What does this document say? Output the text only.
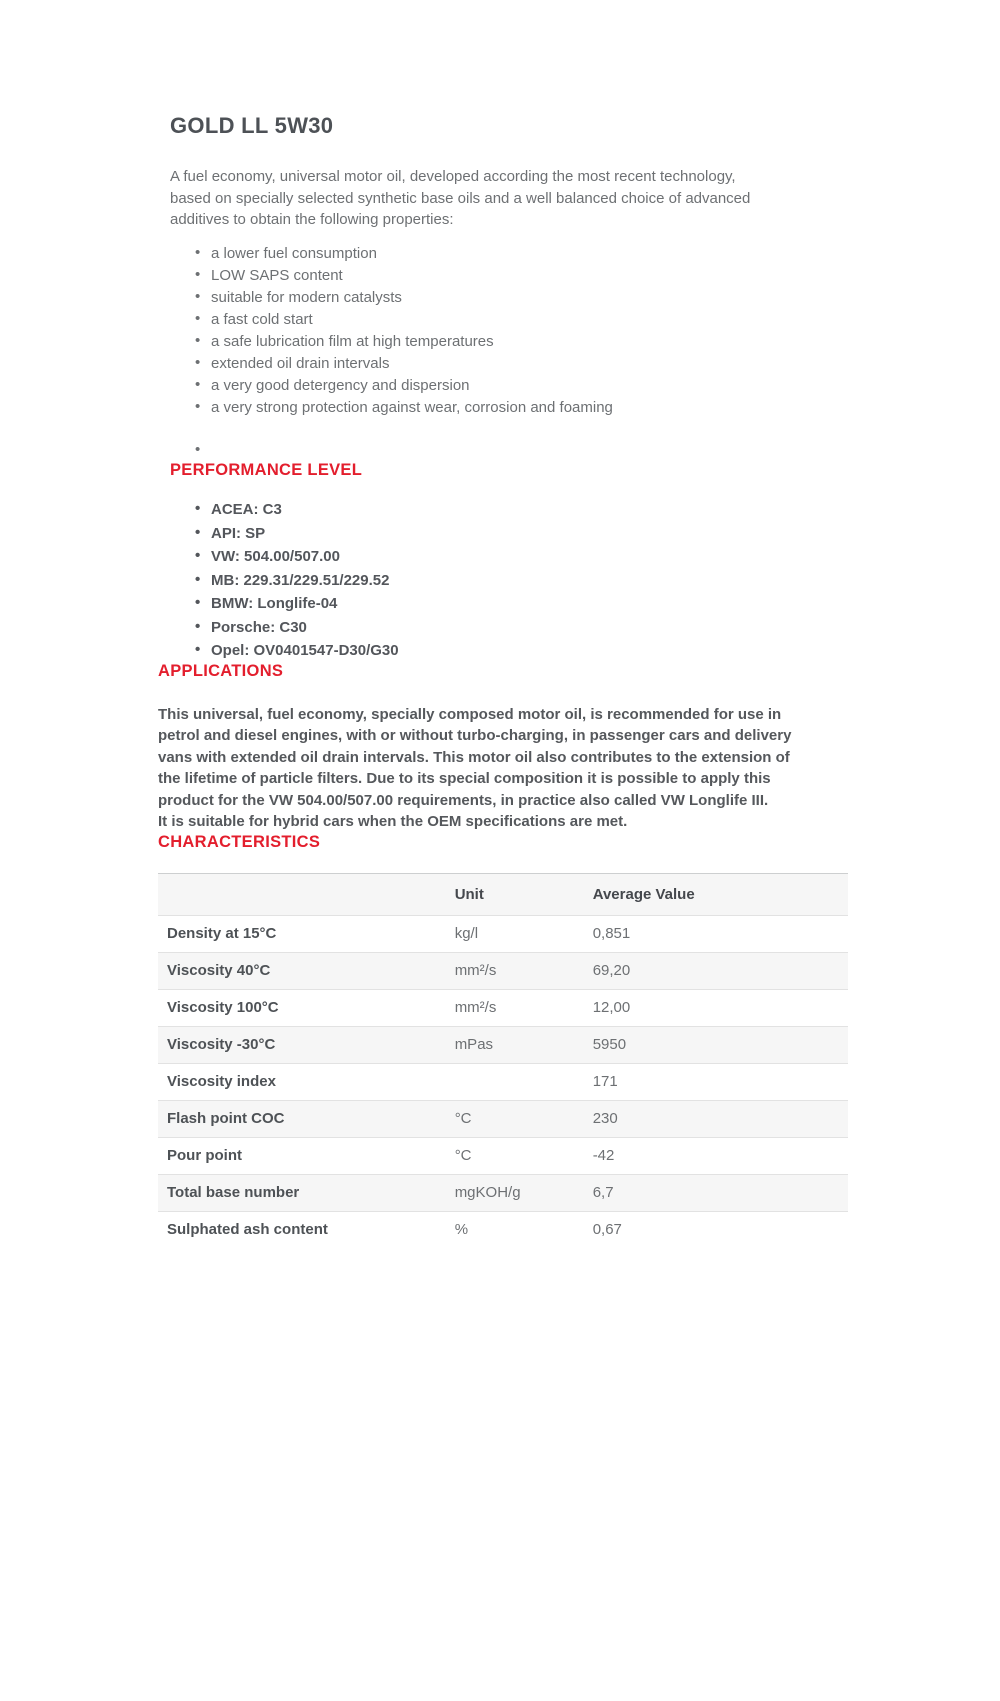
GOLD LL 5W30

A fuel economy, universal motor oil, developed according the most recent technology, based on specially selected synthetic base oils and a well balanced choice of advanced additives to obtain the following properties:

• a lower fuel consumption
• LOW SAPS content
• suitable for modern catalysts
• a fast cold start
• a safe lubrication film at high temperatures
• extended oil drain intervals
• a very good detergency and dispersion
• a very strong protection against wear, corrosion and foaming
•
PERFORMANCE LEVEL
• ACEA: C3
• API: SP
• VW: 504.00/507.00
• MB: 229.31/229.51/229.52
• BMW: Longlife-04
• Porsche: C30
• Opel: OV0401547-D30/G30
APPLICATIONS

This universal, fuel economy, specially composed motor oil, is recommended for use in petrol and diesel engines, with or without turbo-charging, in passenger cars and delivery vans with extended oil drain intervals. This motor oil also contributes to the extension of the lifetime of particle filters. Due to its special composition it is possible to apply this product for the VW 504.00/507.00 requirements, in practice also called VW Longlife III.
It is suitable for hybrid cars when the OEM specifications are met.

CHARACTERISTICS
	Unit	Average Value
Density at 15°C	kg/l	0,851
Viscosity 40°C	mm²/s	69,20
Viscosity 100°C	mm²/s	12,00
Viscosity -30°C	mPas	5950
Viscosity index		171
Flash point COC	°C	230
Pour point	°C	-42
Total base number	mgKOH/g	6,7
Sulphated ash content	%	0,67
